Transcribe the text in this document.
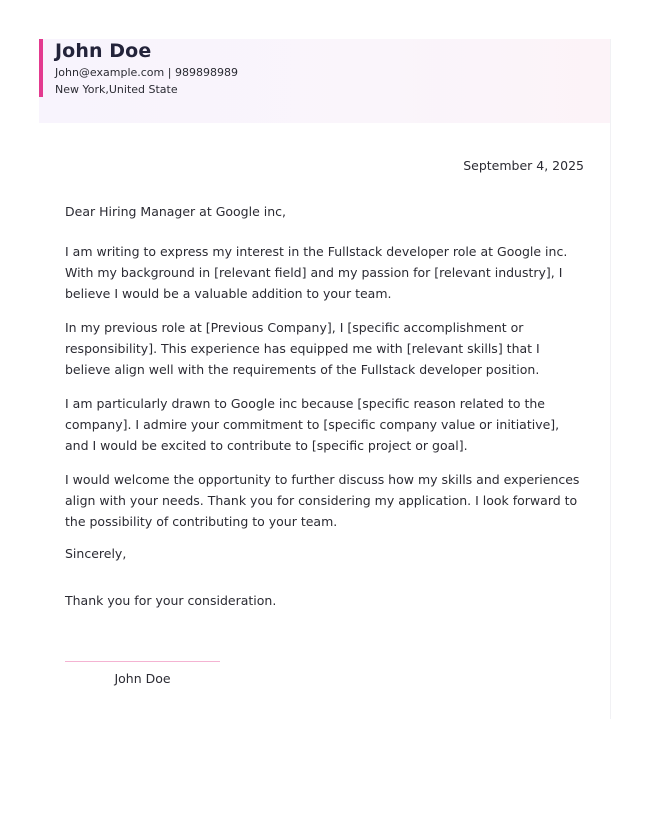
John Doe
John@example.com | 989898989
New York,United State
September 4, 2025
Dear Hiring Manager at Google inc,
I am writing to express my interest in the Fullstack developer role at Google inc. With my background in [relevant field] and my passion for [relevant industry], I believe I would be a valuable addition to your team.
In my previous role at [Previous Company], I [specific accomplishment or responsibility]. This experience has equipped me with [relevant skills] that I believe align well with the requirements of the Fullstack developer position.
I am particularly drawn to Google inc because [specific reason related to the company]. I admire your commitment to [specific company value or initiative], and I would be excited to contribute to [specific project or goal].
I would welcome the opportunity to further discuss how my skills and experiences align with your needs. Thank you for considering my application. I look forward to the possibility of contributing to your team.
Sincerely,
Thank you for your consideration.
John Doe
